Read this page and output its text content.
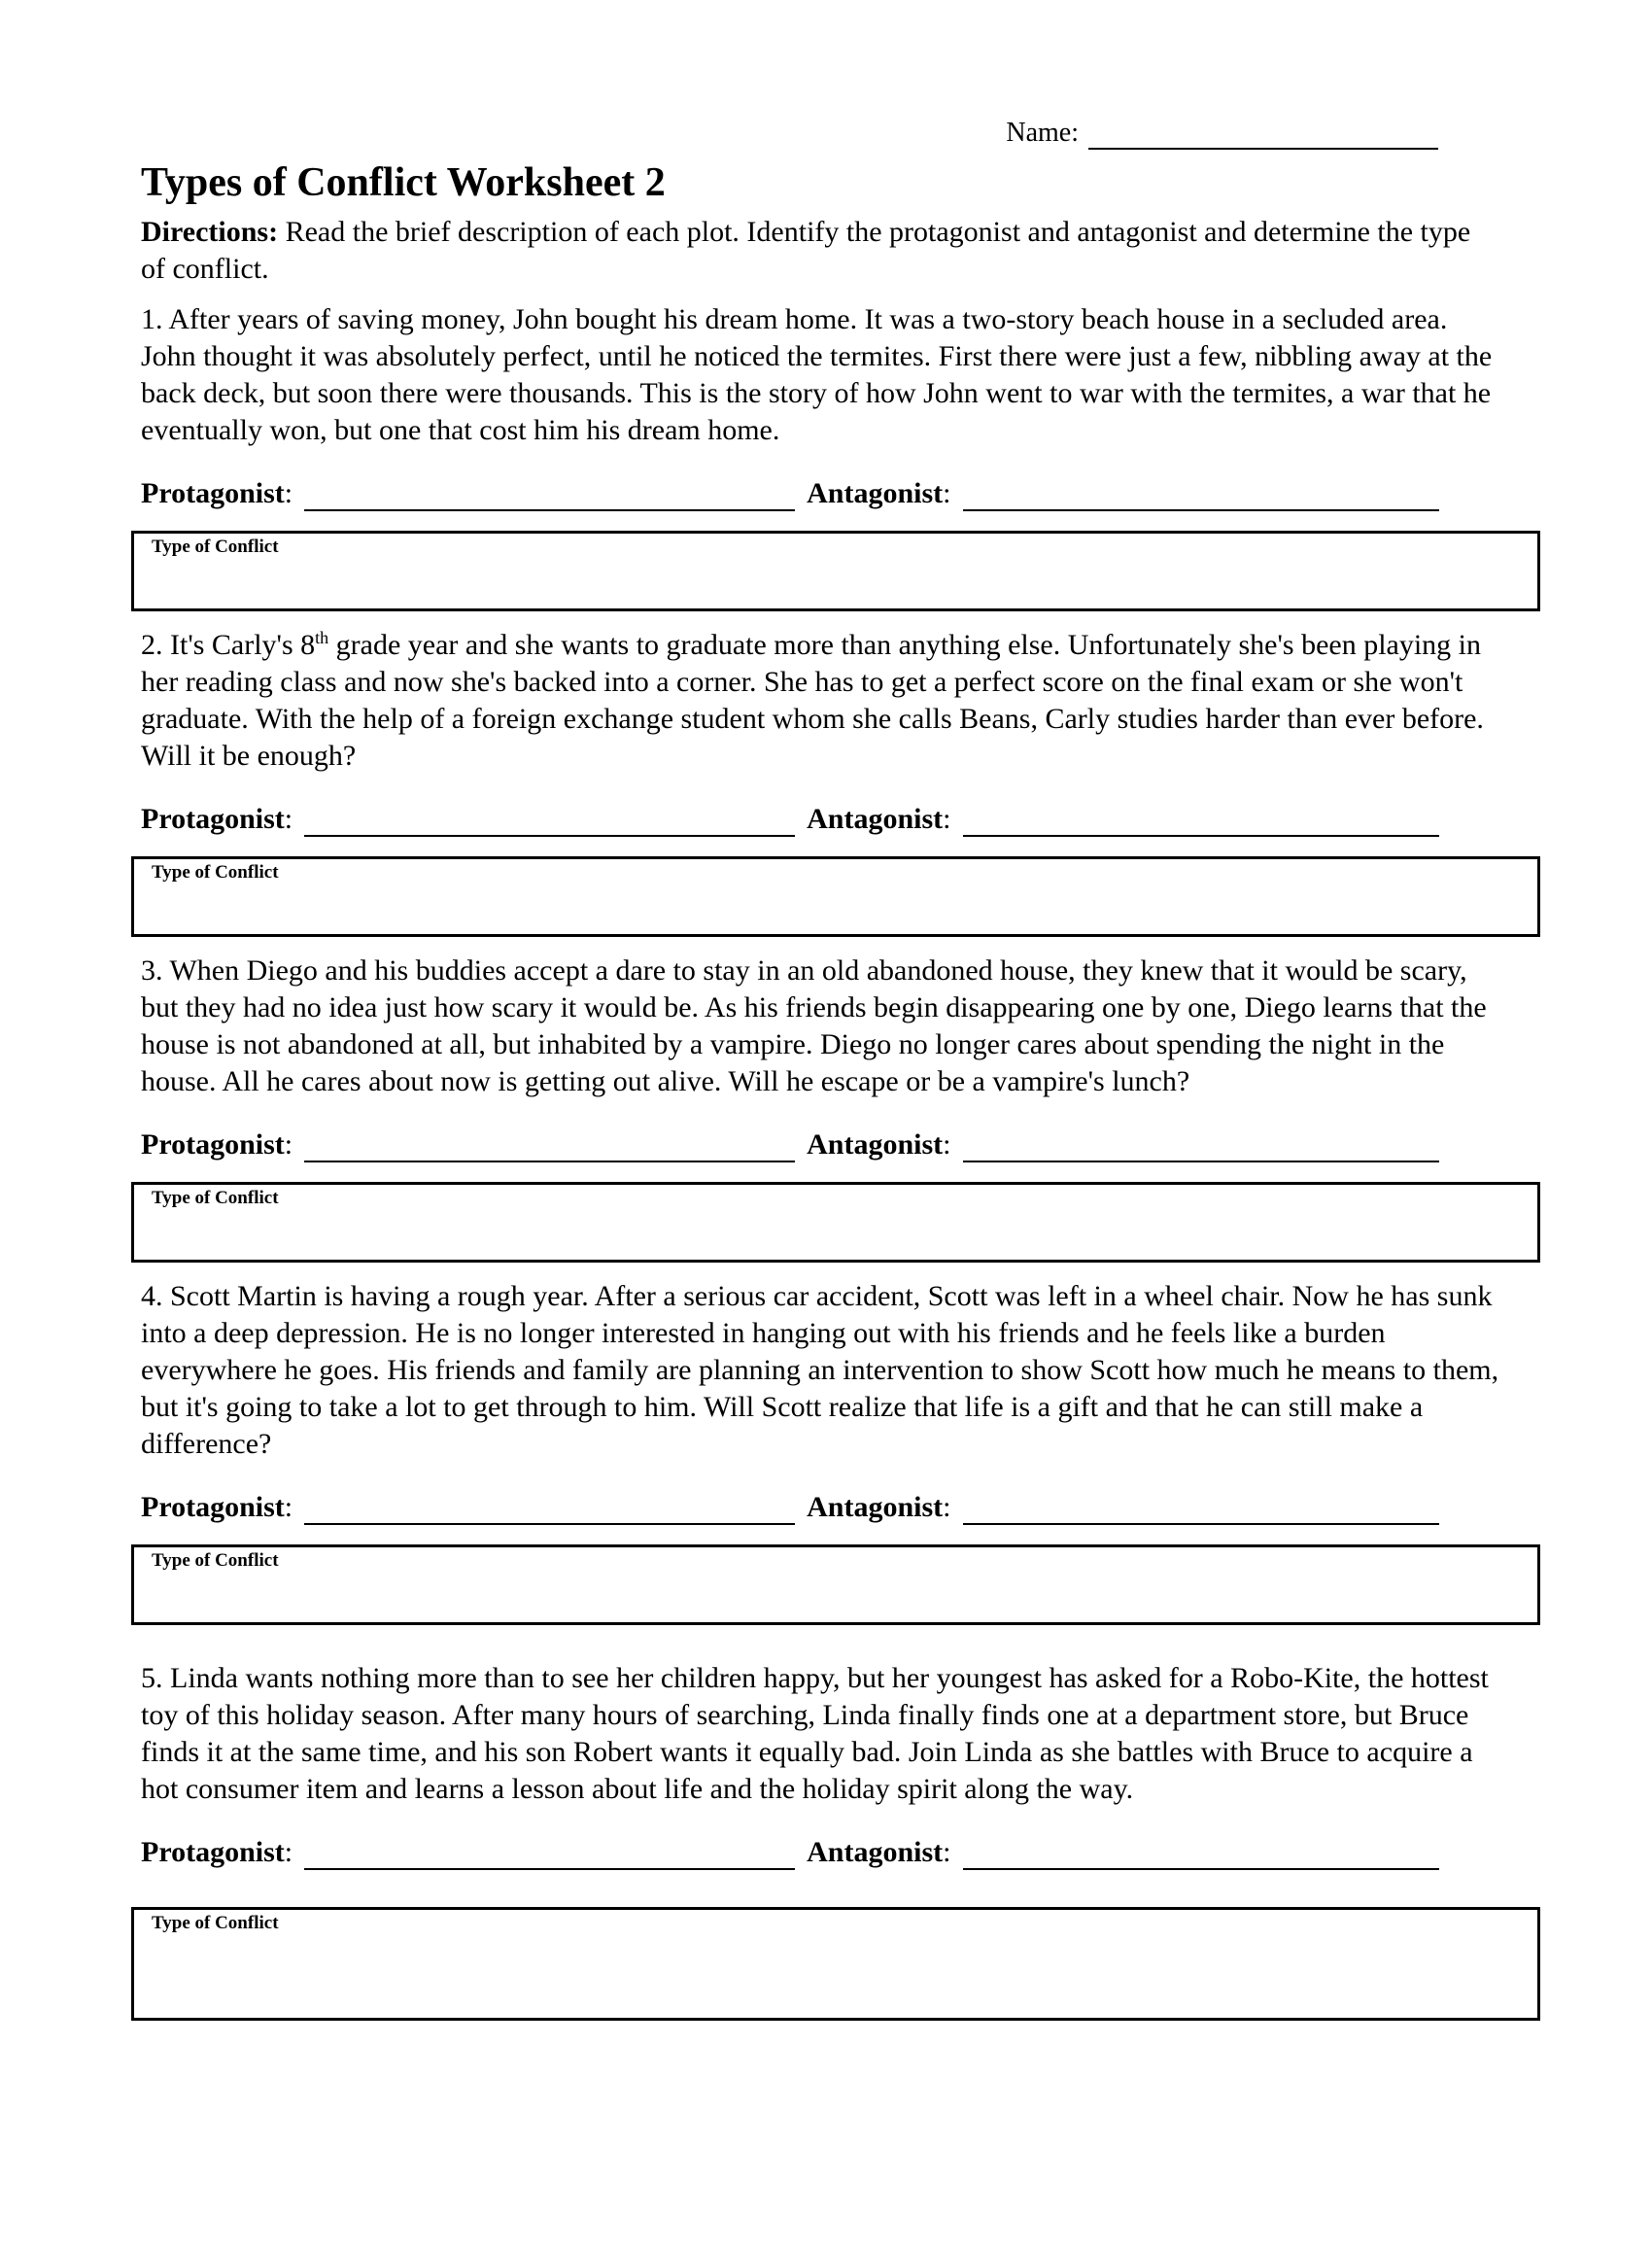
Name:
Types of Conflict Worksheet 2

Directions: Read the brief description of each plot. Identify the protagonist and antagonist and determine the type of conflict.

1. After years of saving money, John bought his dream home. It was a two-story beach house in a secluded area. John thought it was absolutely perfect, until he noticed the termites. First there were just a few, nibbling away at the back deck, but soon there were thousands. This is the story of how John went to war with the termites, a war that he eventually won, but one that cost him his dream home.

Protagonist:	Antagonist:
Type of Conflict

2. It's Carly's 8th grade year and she wants to graduate more than anything else. Unfortunately she's been playing in her reading class and now she's backed into a corner. She has to get a perfect score on the final exam or she won't graduate. With the help of a foreign exchange student whom she calls Beans, Carly studies harder than ever before. Will it be enough?

Protagonist:	Antagonist:
Type of Conflict

3. When Diego and his buddies accept a dare to stay in an old abandoned house, they knew that it would be scary, but they had no idea just how scary it would be. As his friends begin disappearing one by one, Diego learns that the house is not abandoned at all, but inhabited by a vampire. Diego no longer cares about spending the night in the house. All he cares about now is getting out alive. Will he escape or be a vampire's lunch?

Protagonist:	Antagonist:
Type of Conflict

4. Scott Martin is having a rough year. After a serious car accident, Scott was left in a wheel chair. Now he has sunk into a deep depression. He is no longer interested in hanging out with his friends and he feels like a burden everywhere he goes. His friends and family are planning an intervention to show Scott how much he means to them, but it's going to take a lot to get through to him. Will Scott realize that life is a gift and that he can still make a difference?

Protagonist:	Antagonist:
Type of Conflict

5. Linda wants nothing more than to see her children happy, but her youngest has asked for a Robo-Kite, the hottest toy of this holiday season. After many hours of searching, Linda finally finds one at a department store, but Bruce finds it at the same time, and his son Robert wants it equally bad. Join Linda as she battles with Bruce to acquire a hot consumer item and learns a lesson about life and the holiday spirit along the way.

Protagonist:	Antagonist:
Type of Conflict
